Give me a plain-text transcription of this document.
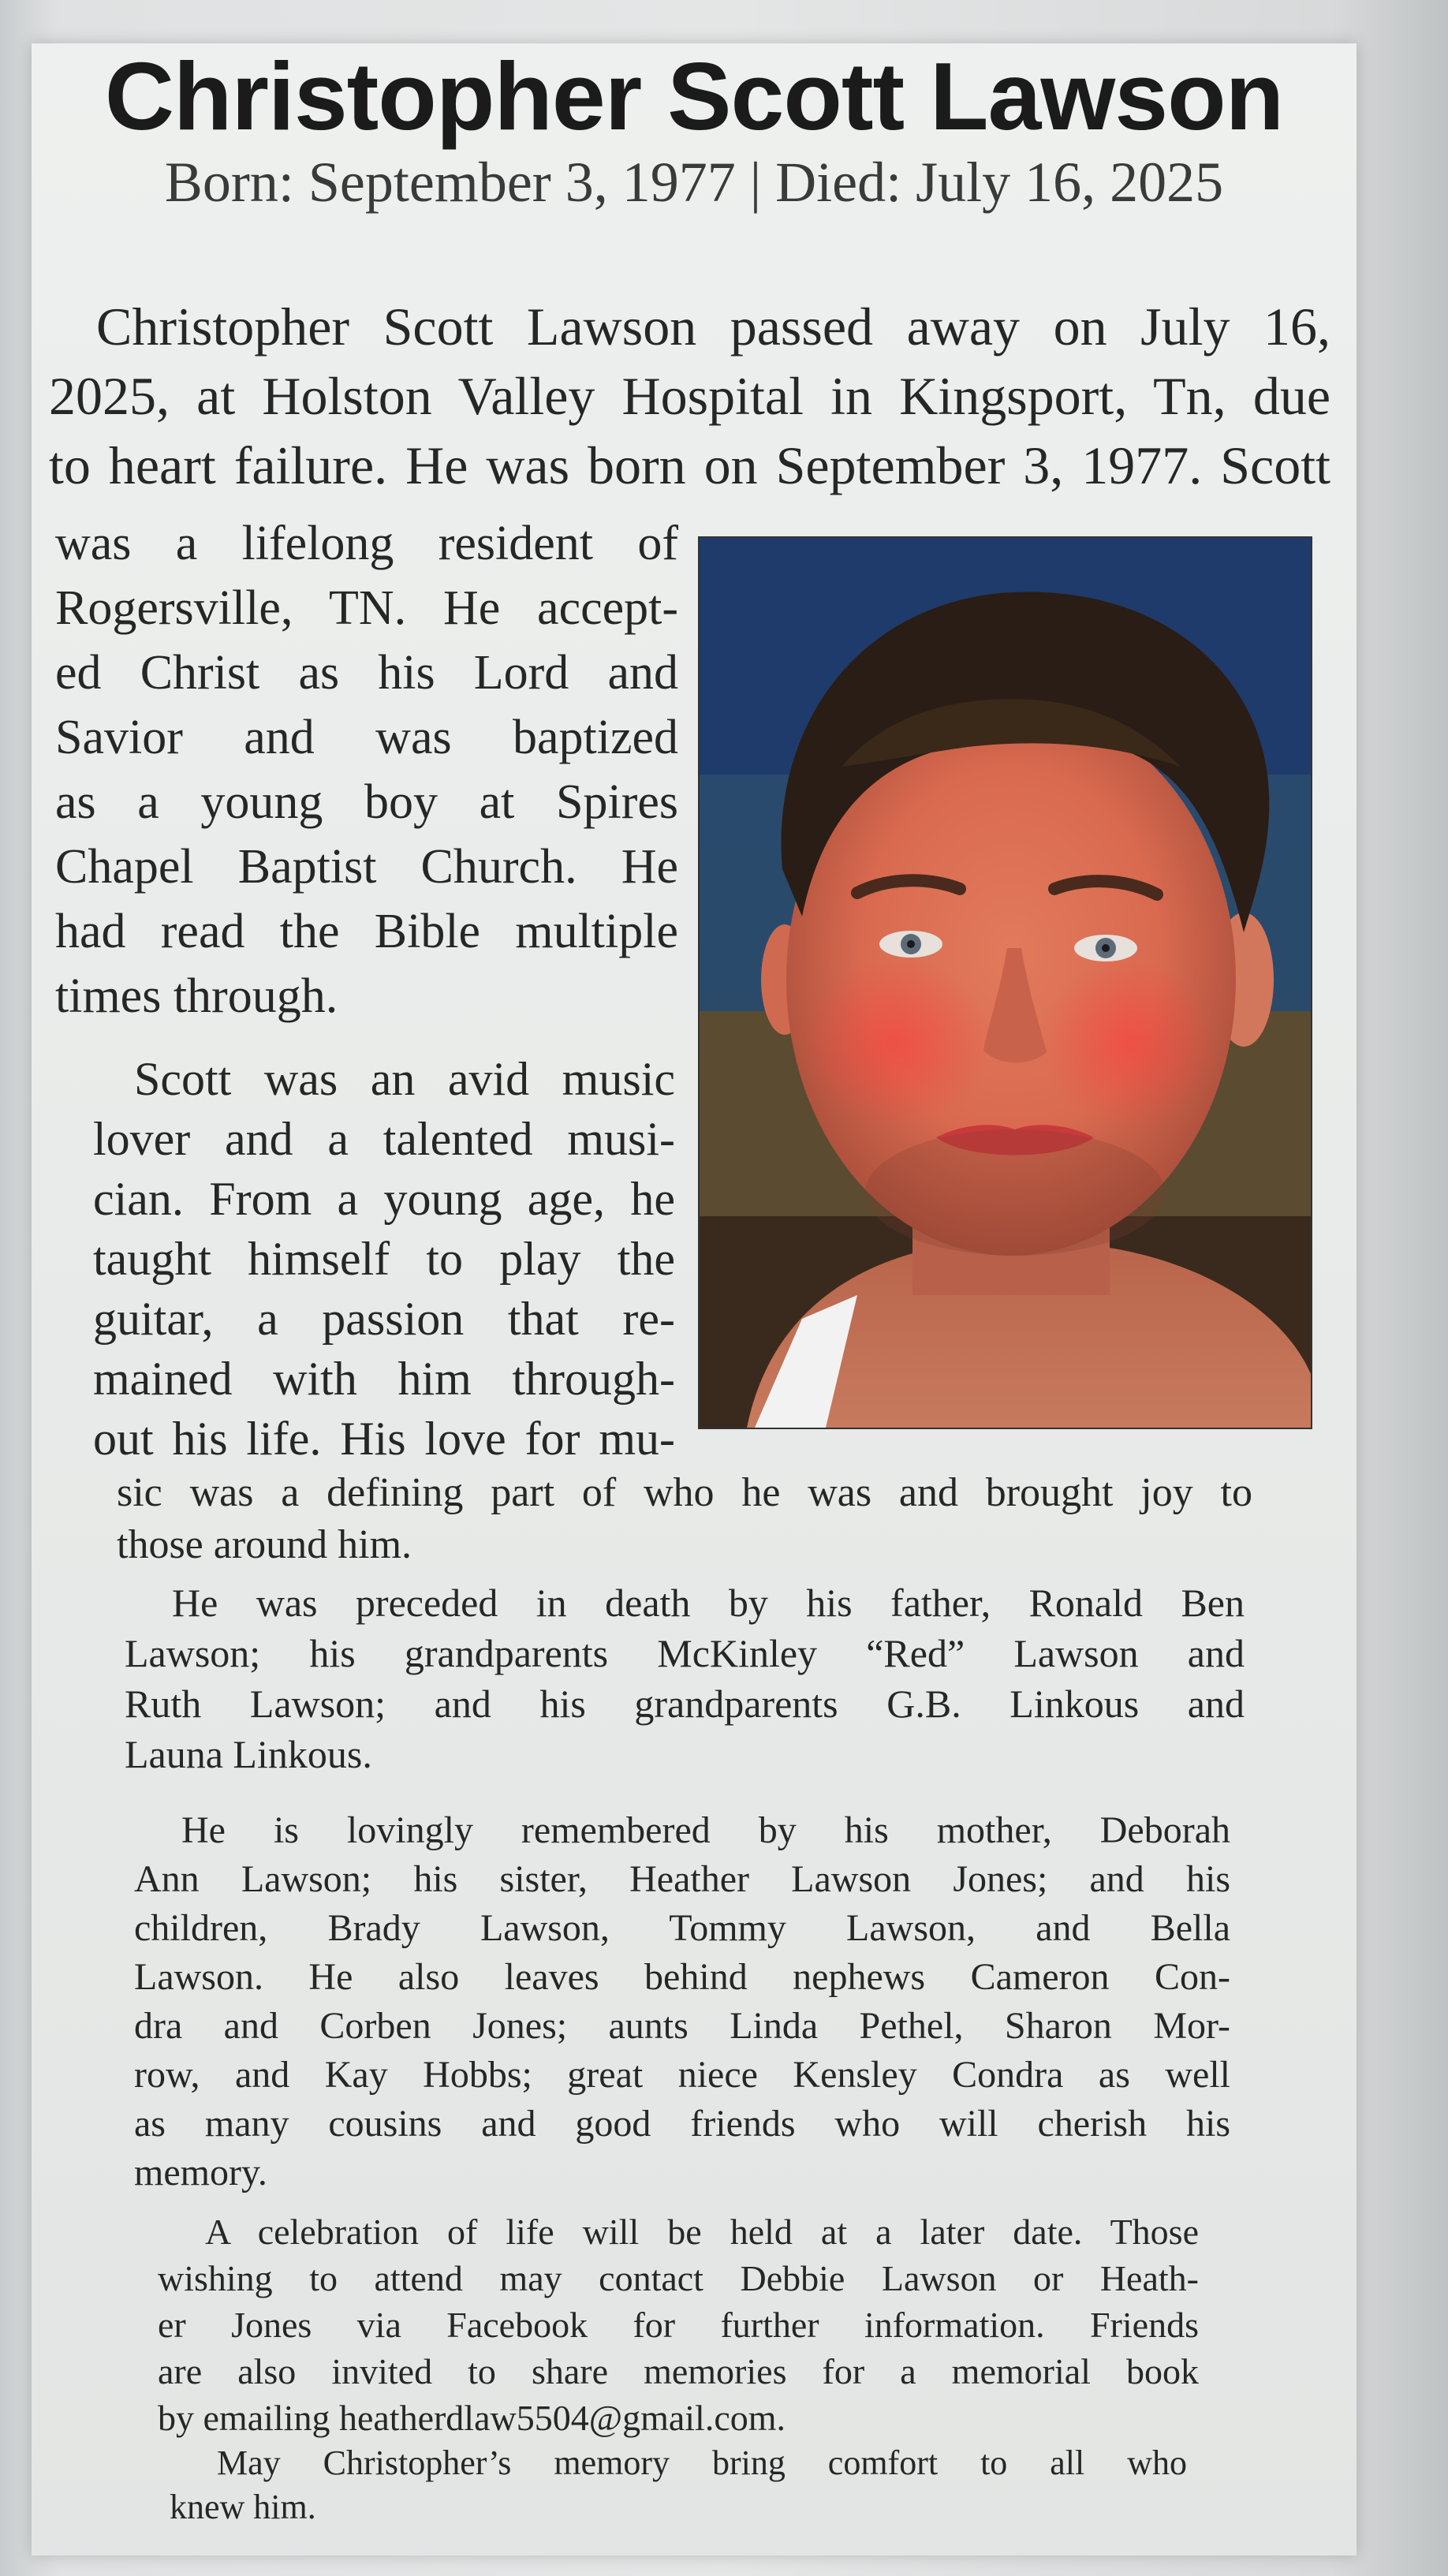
Christopher Scott Lawson
Born: September 3, 1977 | Died: July 16, 2025
Christopher Scott Lawson passed away on July 16,
2025, at Holston Valley Hospital in Kingsport, Tn, due
to heart failure. He was born on September 3, 1977. Scott
was a lifelong resident of
Rogersville, TN. He accept-
ed Christ as his Lord and
Savior and was baptized
as a young boy at Spires
Chapel Baptist Church. He
had read the Bible multiple
times through.
Scott was an avid music
lover and a talented musi-
cian. From a young age, he
taught himself to play the
guitar, a passion that re-
mained with him through-
out his life. His love for mu-
sic was a defining part of who he was and brought joy to
those around him.
He was preceded in death by his father, Ronald Ben
Lawson; his grandparents McKinley “Red” Lawson and
Ruth Lawson; and his grandparents G.B. Linkous and
Launa Linkous.
He is lovingly remembered by his mother, Deborah
Ann Lawson; his sister, Heather Lawson Jones; and his
children, Brady Lawson, Tommy Lawson, and Bella
Lawson. He also leaves behind nephews Cameron Con-
dra and Corben Jones; aunts Linda Pethel, Sharon Mor-
row, and Kay Hobbs; great niece Kensley Condra as well
as many cousins and good friends who will cherish his
memory.
A celebration of life will be held at a later date. Those
wishing to attend may contact Debbie Lawson or Heath-
er Jones via Facebook for further information. Friends
are also invited to share memories for a memorial book
by emailing heatherdlaw5504@gmail.com.
May Christopher’s memory bring comfort to all who
knew him.
